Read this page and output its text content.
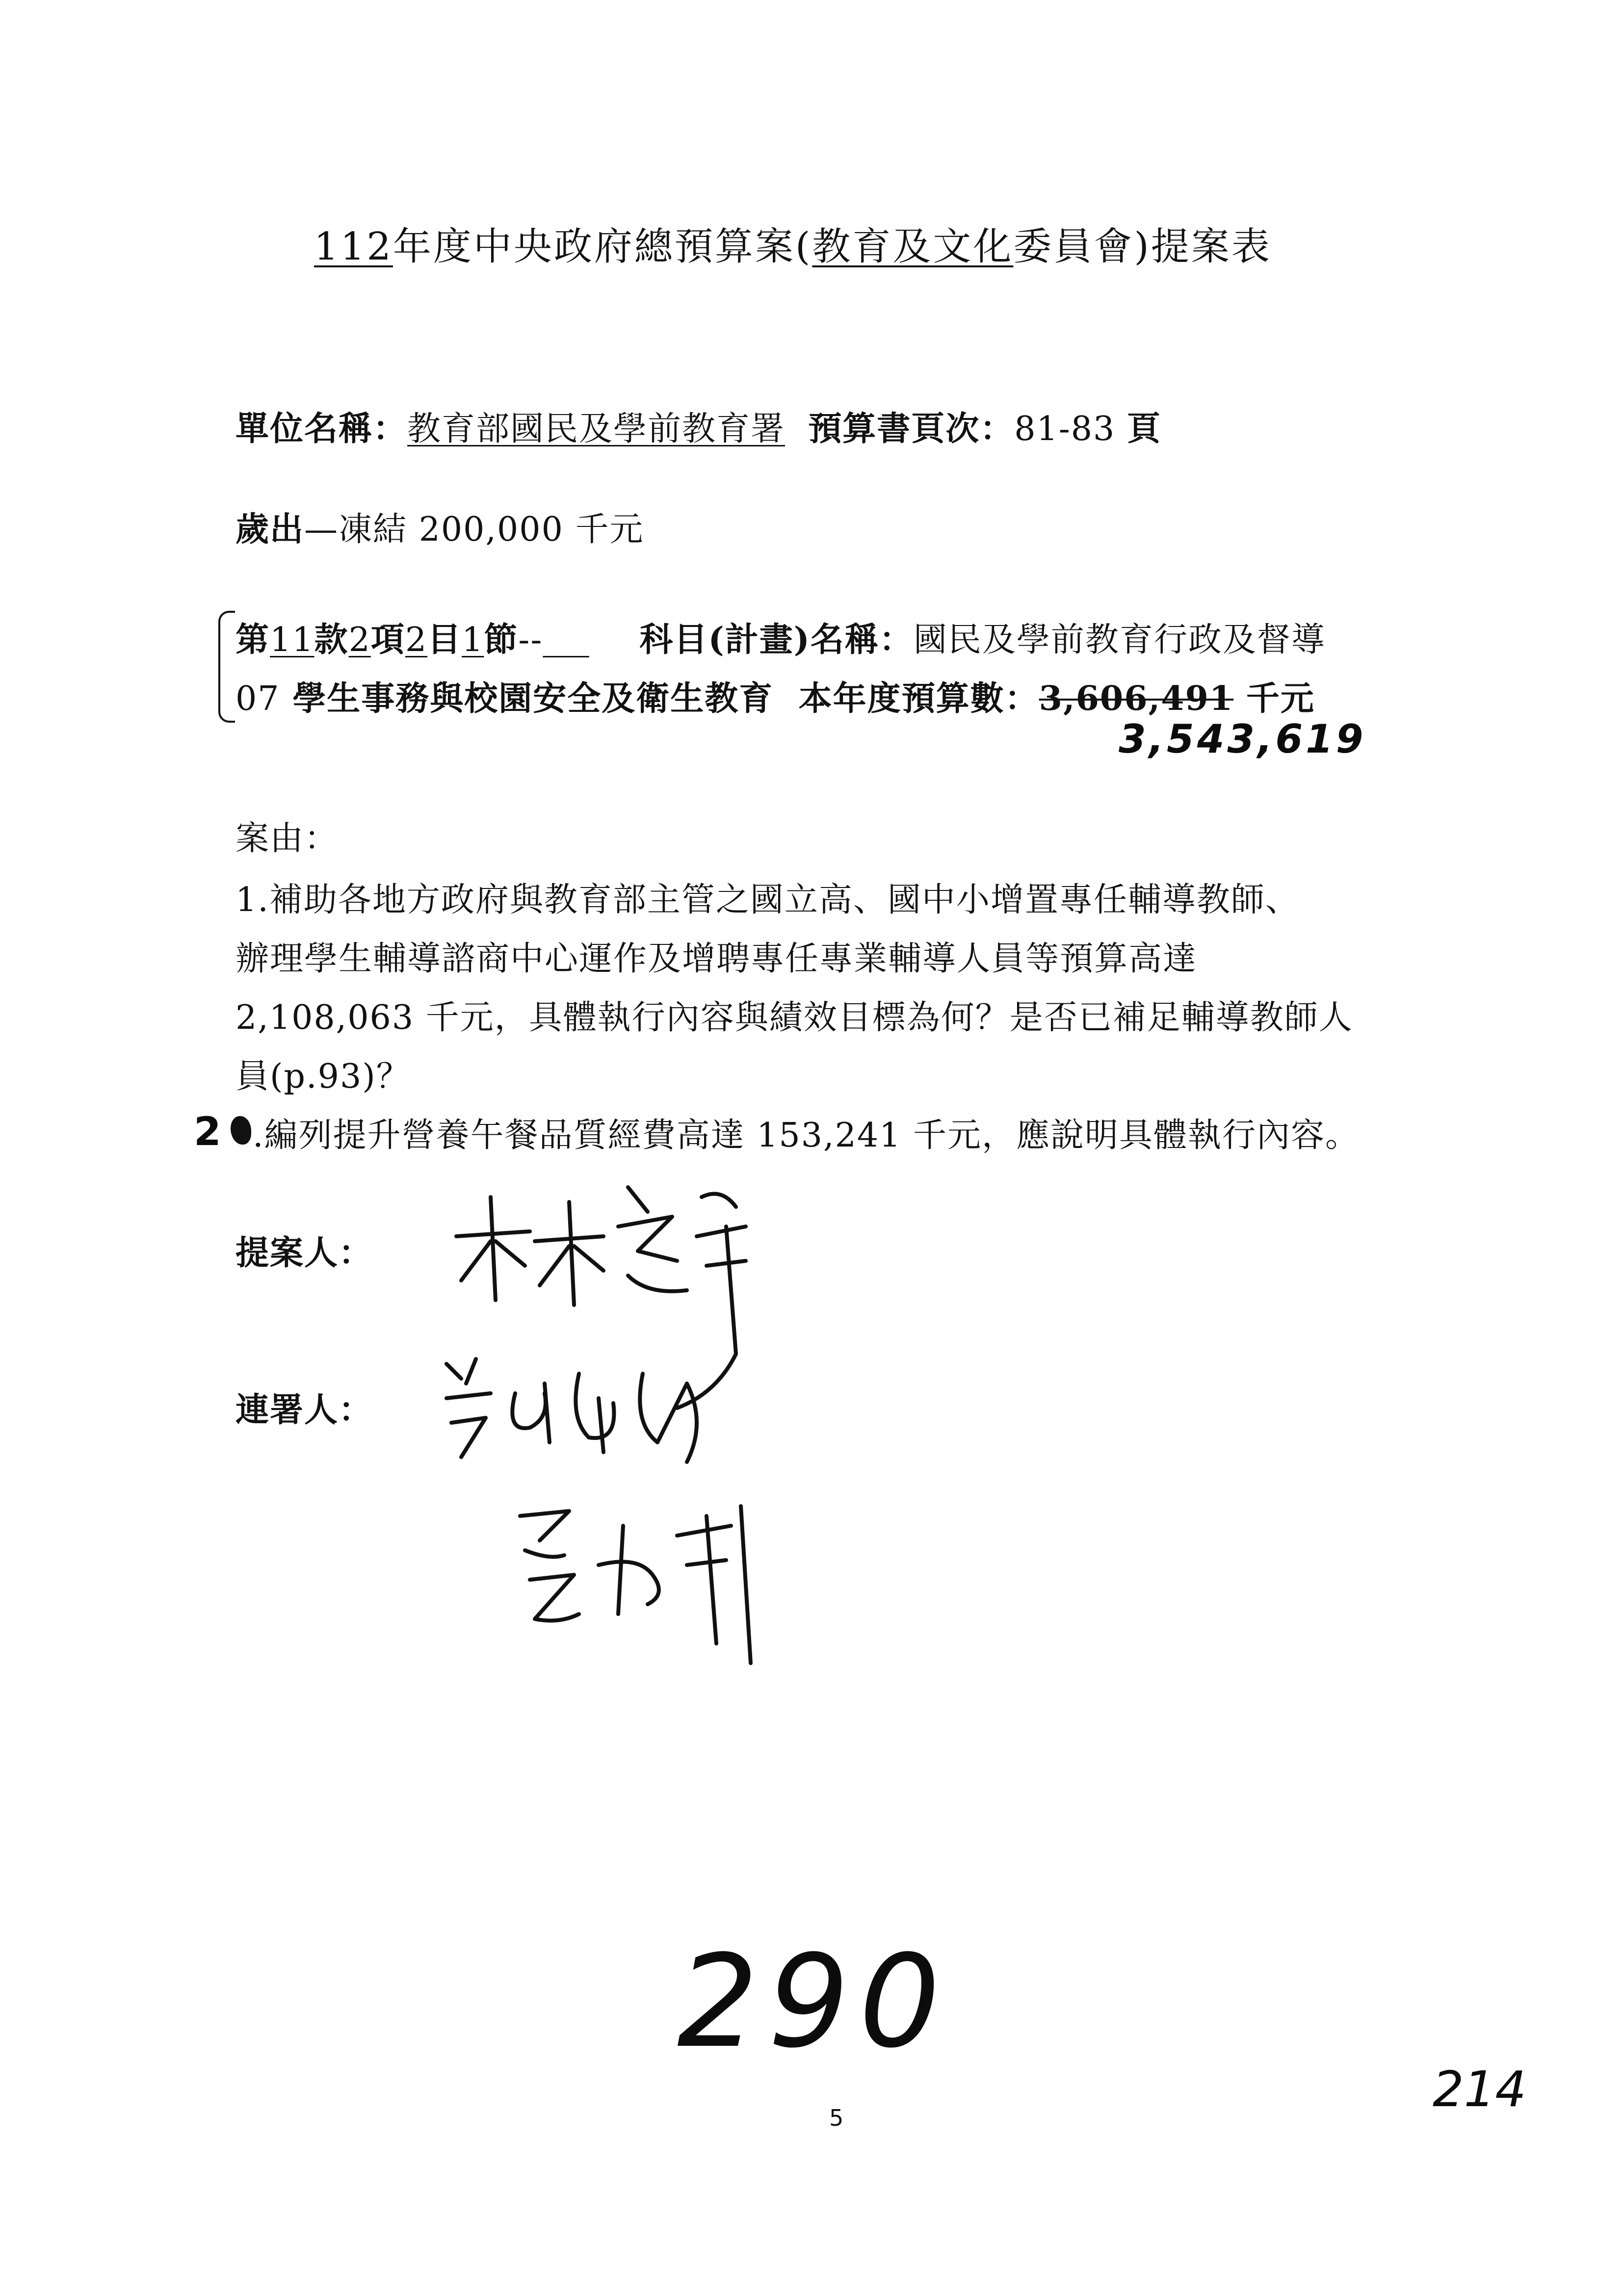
112年度中央政府總預算案(教育及文化委員會)提案表
單位名稱：教育部國民及學前教育署 預算書頁次：81-83 頁
歲出—凍結 200,000 千元
第11款2項2目1節--	科目(計畫)名稱：國民及學前教育行政及督導
07 學生事務與校園安全及衛生教育 本年度預算數：3,606,491 千元
3,543,619
案由：
1.補助各地方政府與教育部主管之國立高、國中小增置專任輔導教師、
辦理學生輔導諮商中心運作及增聘專任專業輔導人員等預算高達
2,108,063 千元，具體執行內容與績效目標為何？是否已補足輔導教師人
員(p.93)？
2 .編列提升營養午餐品質經費高達 153,241 千元，應說明具體執行內容。
提案人：
連署人：
290
5	214
